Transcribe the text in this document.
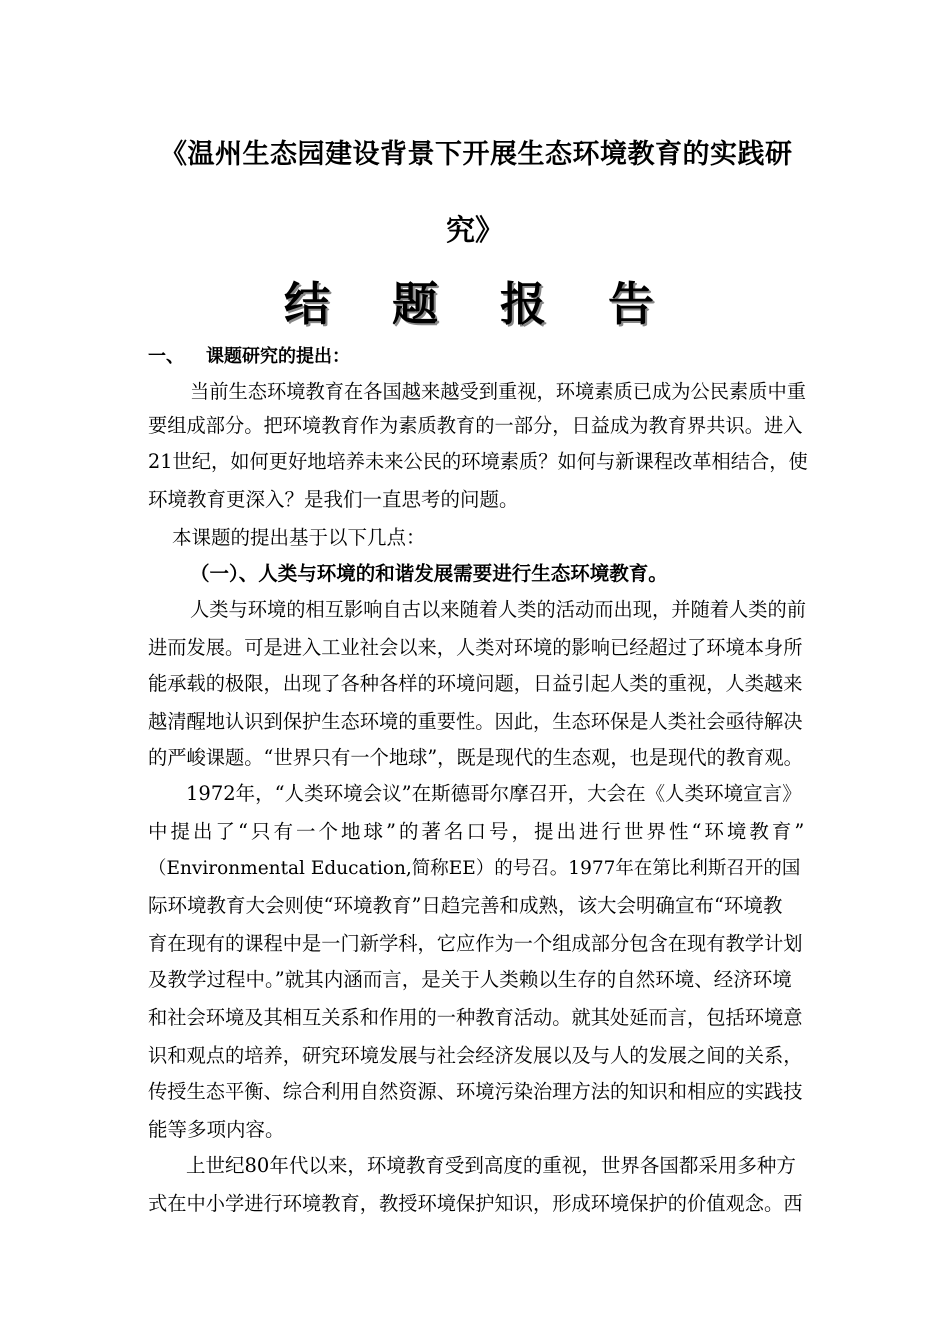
《温州生态园建设背景下开展生态环境教育的实践研
究》
结题报告
一、 课题研究的提出：
当前生态环境教育在各国越来越受到重视，环境素质已成为公民素质中重
要组成部分。把环境教育作为素质教育的一部分，日益成为教育界共识。进入
21世纪，如何更好地培养未来公民的环境素质？如何与新课程改革相结合，使
环境教育更深入？是我们一直思考的问题。
本课题的提出基于以下几点：
（一）、人类与环境的和谐发展需要进行生态环境教育。
人类与环境的相互影响自古以来随着人类的活动而出现，并随着人类的前
进而发展。可是进入工业社会以来，人类对环境的影响已经超过了环境本身所
能承载的极限，出现了各种各样的环境问题，日益引起人类的重视，人类越来
越清醒地认识到保护生态环境的重要性。因此，生态环保是人类社会亟待解决
的严峻课题。“世界只有一个地球”，既是现代的生态观，也是现代的教育观。
1972年，“人类环境会议”在斯德哥尔摩召开，大会在《人类环境宣言》
中提出了“只有一个地球”的著名口号，提出进行世界性“环境教育”
（Environmental Education,简称EE）的号召。1977年在第比利斯召开的国
际环境教育大会则使“环境教育”日趋完善和成熟，该大会明确宣布“环境教
育在现有的课程中是一门新学科，它应作为一个组成部分包含在现有教学计划
及教学过程中。”就其内涵而言，是关于人类赖以生存的自然环境、经济环境
和社会环境及其相互关系和作用的一种教育活动。就其处延而言，包括环境意
识和观点的培养，研究环境发展与社会经济发展以及与人的发展之间的关系，
传授生态平衡、综合利用自然资源、环境污染治理方法的知识和相应的实践技
能等多项内容。
上世纪80年代以来，环境教育受到高度的重视，世界各国都采用多种方
式在中小学进行环境教育，教授环境保护知识，形成环境保护的价值观念。西
